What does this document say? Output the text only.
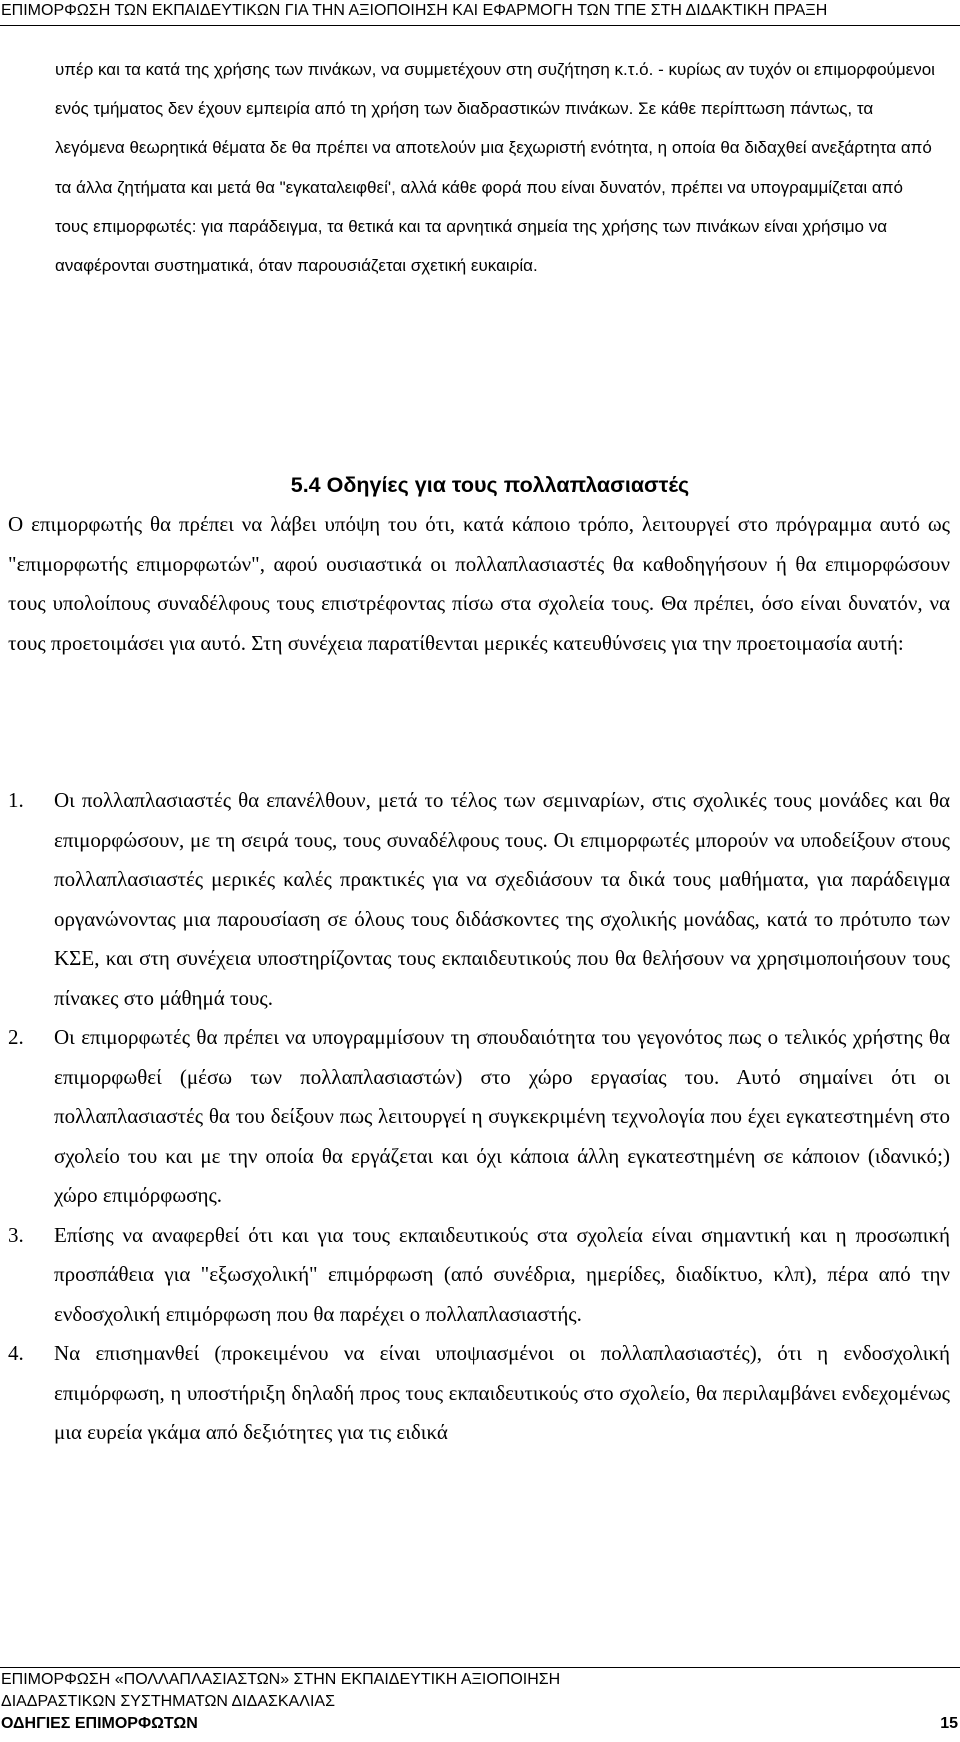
ΕΠΙΜΟΡΦΩΣΗ ΤΩΝ ΕΚΠΑΙΔΕΥΤΙΚΩΝ ΓΙΑ ΤΗΝ ΑΞΙΟΠΟΙΗΣΗ ΚΑΙ ΕΦΑΡΜΟΓΗ ΤΩΝ ΤΠΕ ΣΤΗ ΔΙΔΑΚΤΙΚΗ ΠΡΑΞΗ

υπέρ και τα κατά της χρήσης των πινάκων, να συμμετέχουν στη συζήτηση κ.τ.ό. - κυρίως αν τυχόν οι επιμορφούμενοι ενός τμήματος δεν έχουν εμπειρία από τη χρήση των διαδραστικών πινάκων. Σε κάθε περίπτωση πάντως, τα λεγόμενα θεωρητικά θέματα δε θα πρέπει να αποτελούν μια ξεχωριστή ενότητα, η οποία θα διδαχθεί ανεξάρτητα από τα άλλα ζητήματα και μετά θα "εγκαταλειφθεί', αλλά κάθε φορά που είναι δυνατόν, πρέπει να υπογραμμίζεται από τους επιμορφωτές: για παράδειγμα, τα θετικά και τα αρνητικά σημεία της χρήσης των πινάκων είναι χρήσιμο να αναφέρονται συστηματικά, όταν παρουσιάζεται σχετική ευκαιρία.

5.4 Οδηγίες για τους πολλαπλασιαστές

Ο επιμορφωτής θα πρέπει να λάβει υπόψη του ότι, κατά κάποιο τρόπο, λειτουργεί στο πρόγραμμα αυτό ως "επιμορφωτής επιμορφωτών", αφού ουσιαστικά οι πολλαπλασιαστές θα καθοδηγήσουν ή θα επιμορφώσουν τους υπολοίπους συναδέλφους τους επιστρέφοντας πίσω στα σχολεία τους. Θα πρέπει, όσο είναι δυνατόν, να τους προετοιμάσει για αυτό. Στη συνέχεια παρατίθενται μερικές κατευθύνσεις για την προετοιμασία αυτή:

1.	Οι πολλαπλασιαστές θα επανέλθουν, μετά το τέλος των σεμιναρίων, στις σχολικές τους μονάδες και θα επιμορφώσουν, με τη σειρά τους, τους συναδέλφους τους. Οι επιμορφωτές μπορούν να υποδείξουν στους πολλαπλασιαστές μερικές καλές πρακτικές για να σχεδιάσουν τα δικά τους μαθήματα, για παράδειγμα οργανώνοντας μια παρουσίαση σε όλους τους διδάσκοντες της σχολικής μονάδας, κατά το πρότυπο των ΚΣΕ, και στη συνέχεια υποστηρίζοντας τους εκπαιδευτικούς που θα θελήσουν να χρησιμοποιήσουν τους πίνακες στο μάθημά τους.
2.	Οι επιμορφωτές θα πρέπει να υπογραμμίσουν τη σπουδαιότητα του γεγονότος πως ο τελικός χρήστης θα επιμορφωθεί (μέσω των πολλαπλασιαστών) στο χώρο εργασίας του. Αυτό σημαίνει ότι οι πολλαπλασιαστές θα του δείξουν πως λειτουργεί η συγκεκριμένη τεχνολογία που έχει εγκατεστημένη στο σχολείο του και με την οποία θα εργάζεται και όχι κάποια άλλη εγκατεστημένη σε κάποιον (ιδανικό;) χώρο επιμόρφωσης.
3.	Επίσης να αναφερθεί ότι και για τους εκπαιδευτικούς στα σχολεία είναι σημαντική και η προσωπική προσπάθεια για "εξωσχολική" επιμόρφωση (από συνέδρια, ημερίδες, διαδίκτυο, κλπ), πέρα από την ενδοσχολική επιμόρφωση που θα παρέχει ο πολλαπλασιαστής.
4.	Να επισημανθεί (προκειμένου να είναι υποψιασμένοι οι πολλαπλασιαστές), ότι η ενδοσχολική επιμόρφωση, η υποστήριξη δηλαδή προς τους εκπαιδευτικούς στο σχολείο, θα περιλαμβάνει ενδεχομένως μια ευρεία γκάμα από δεξιότητες για τις ειδικά
ΕΠΙΜΟΡΦΩΣΗ «ΠΟΛΛΑΠΛΑΣΙΑΣΤΩΝ» ΣΤΗΝ ΕΚΠΑΙΔΕΥΤΙΚΗ ΑΞΙΟΠΟΙΗΣΗ
ΔΙΑΔΡΑΣΤΙΚΩΝ ΣΥΣΤΗΜΑΤΩΝ ΔΙΔΑΣΚΑΛΙΑΣ
ΟΔΗΓΙΕΣ ΕΠΙΜΟΡΦΩΤΩΝ	15
